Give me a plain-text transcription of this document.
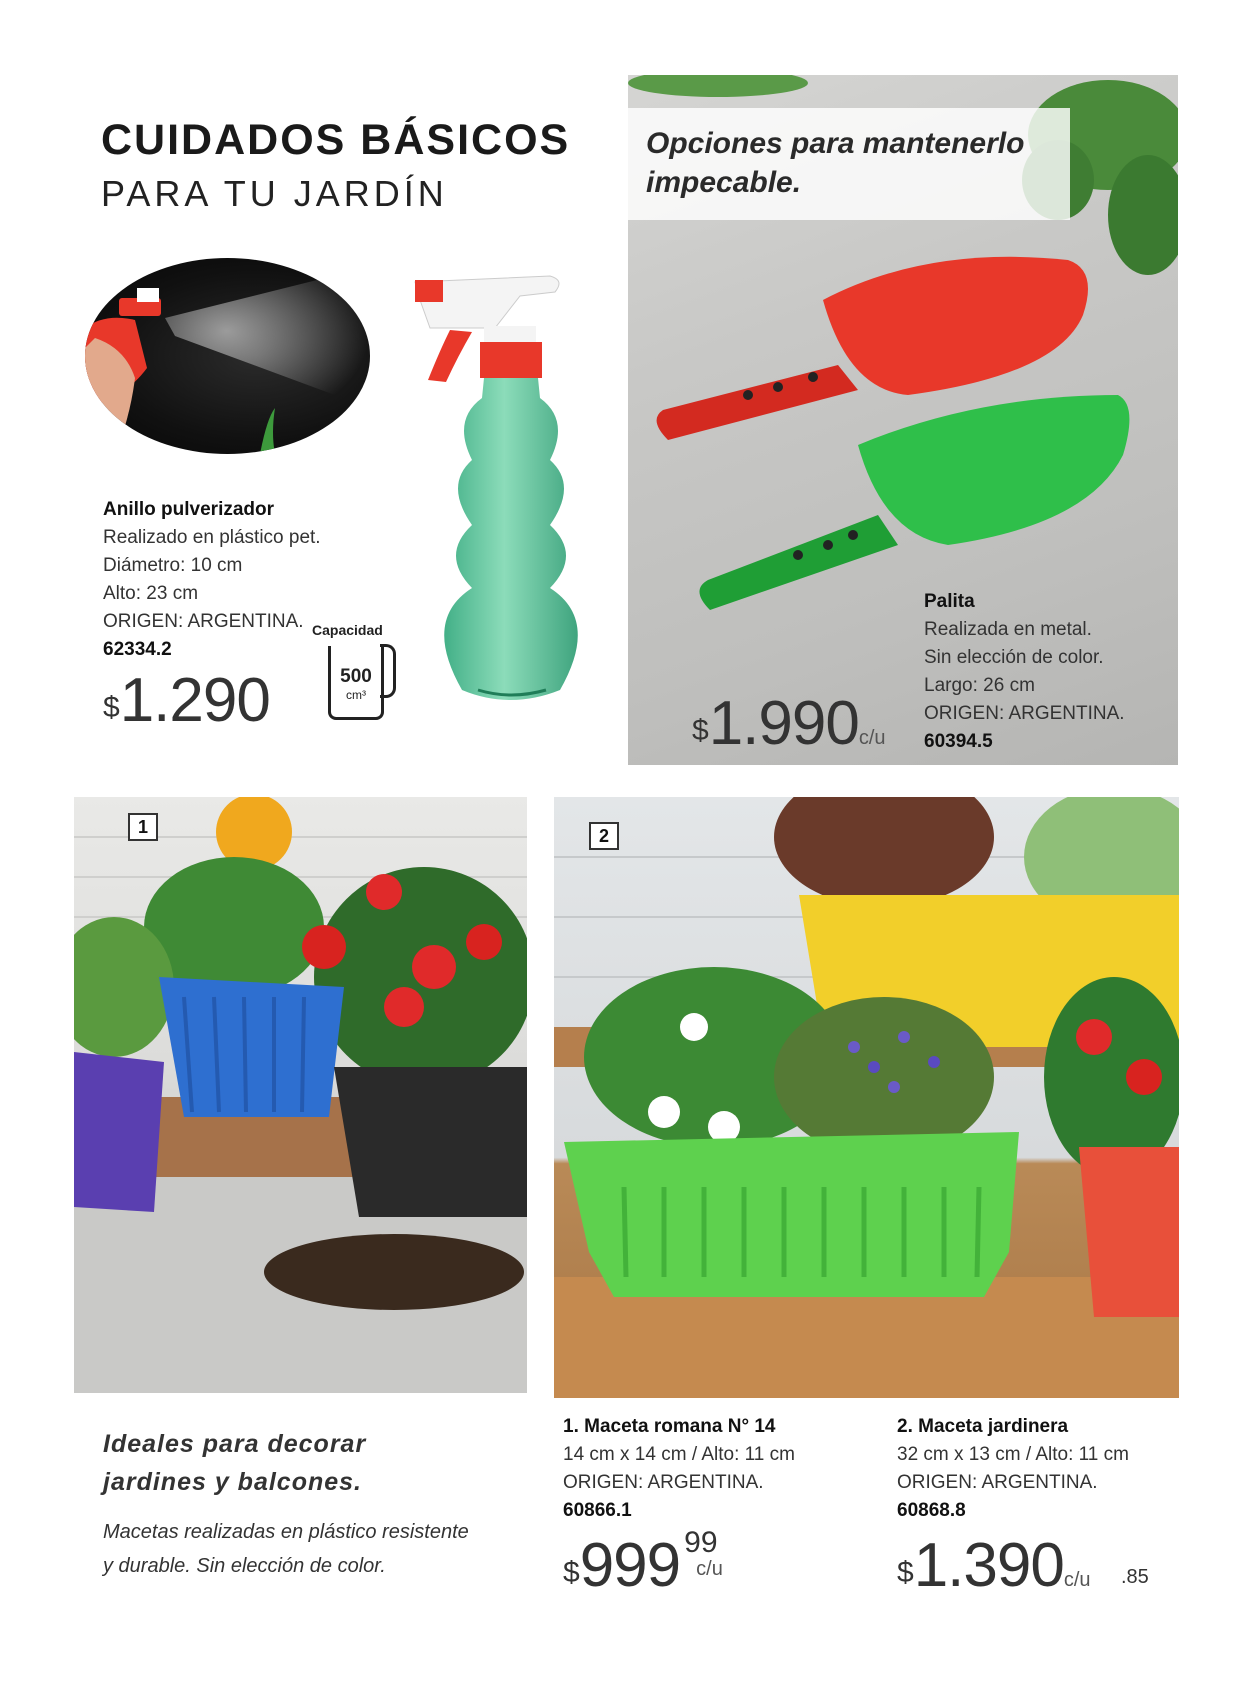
CUIDADOS BÁSICOS
PARA TU JARDÍN
Anillo pulverizador
Realizado en plástico pet.
Diámetro: 10 cm
Alto: 23 cm
ORIGEN: ARGENTINA.
62334.2
$1.290
Capacidad
500
cm³
Opciones para mantenerlo
impecable.
Palita
Realizada en metal.
Sin elección de color.
Largo: 26 cm
ORIGEN: ARGENTINA.
60394.5
$1.990c/u
1	2
Ideales para decorar
jardines y balcones.
Macetas realizadas en plástico resistente
y durable. Sin elección de color.
1. Maceta romana N° 14
14 cm x 14 cm / Alto: 11 cm
ORIGEN: ARGENTINA.
60866.1
$999 99
c/u
2. Maceta jardinera
32 cm x 13 cm / Alto: 11 cm
ORIGEN: ARGENTINA.
60868.8
$1.390c/u .85
